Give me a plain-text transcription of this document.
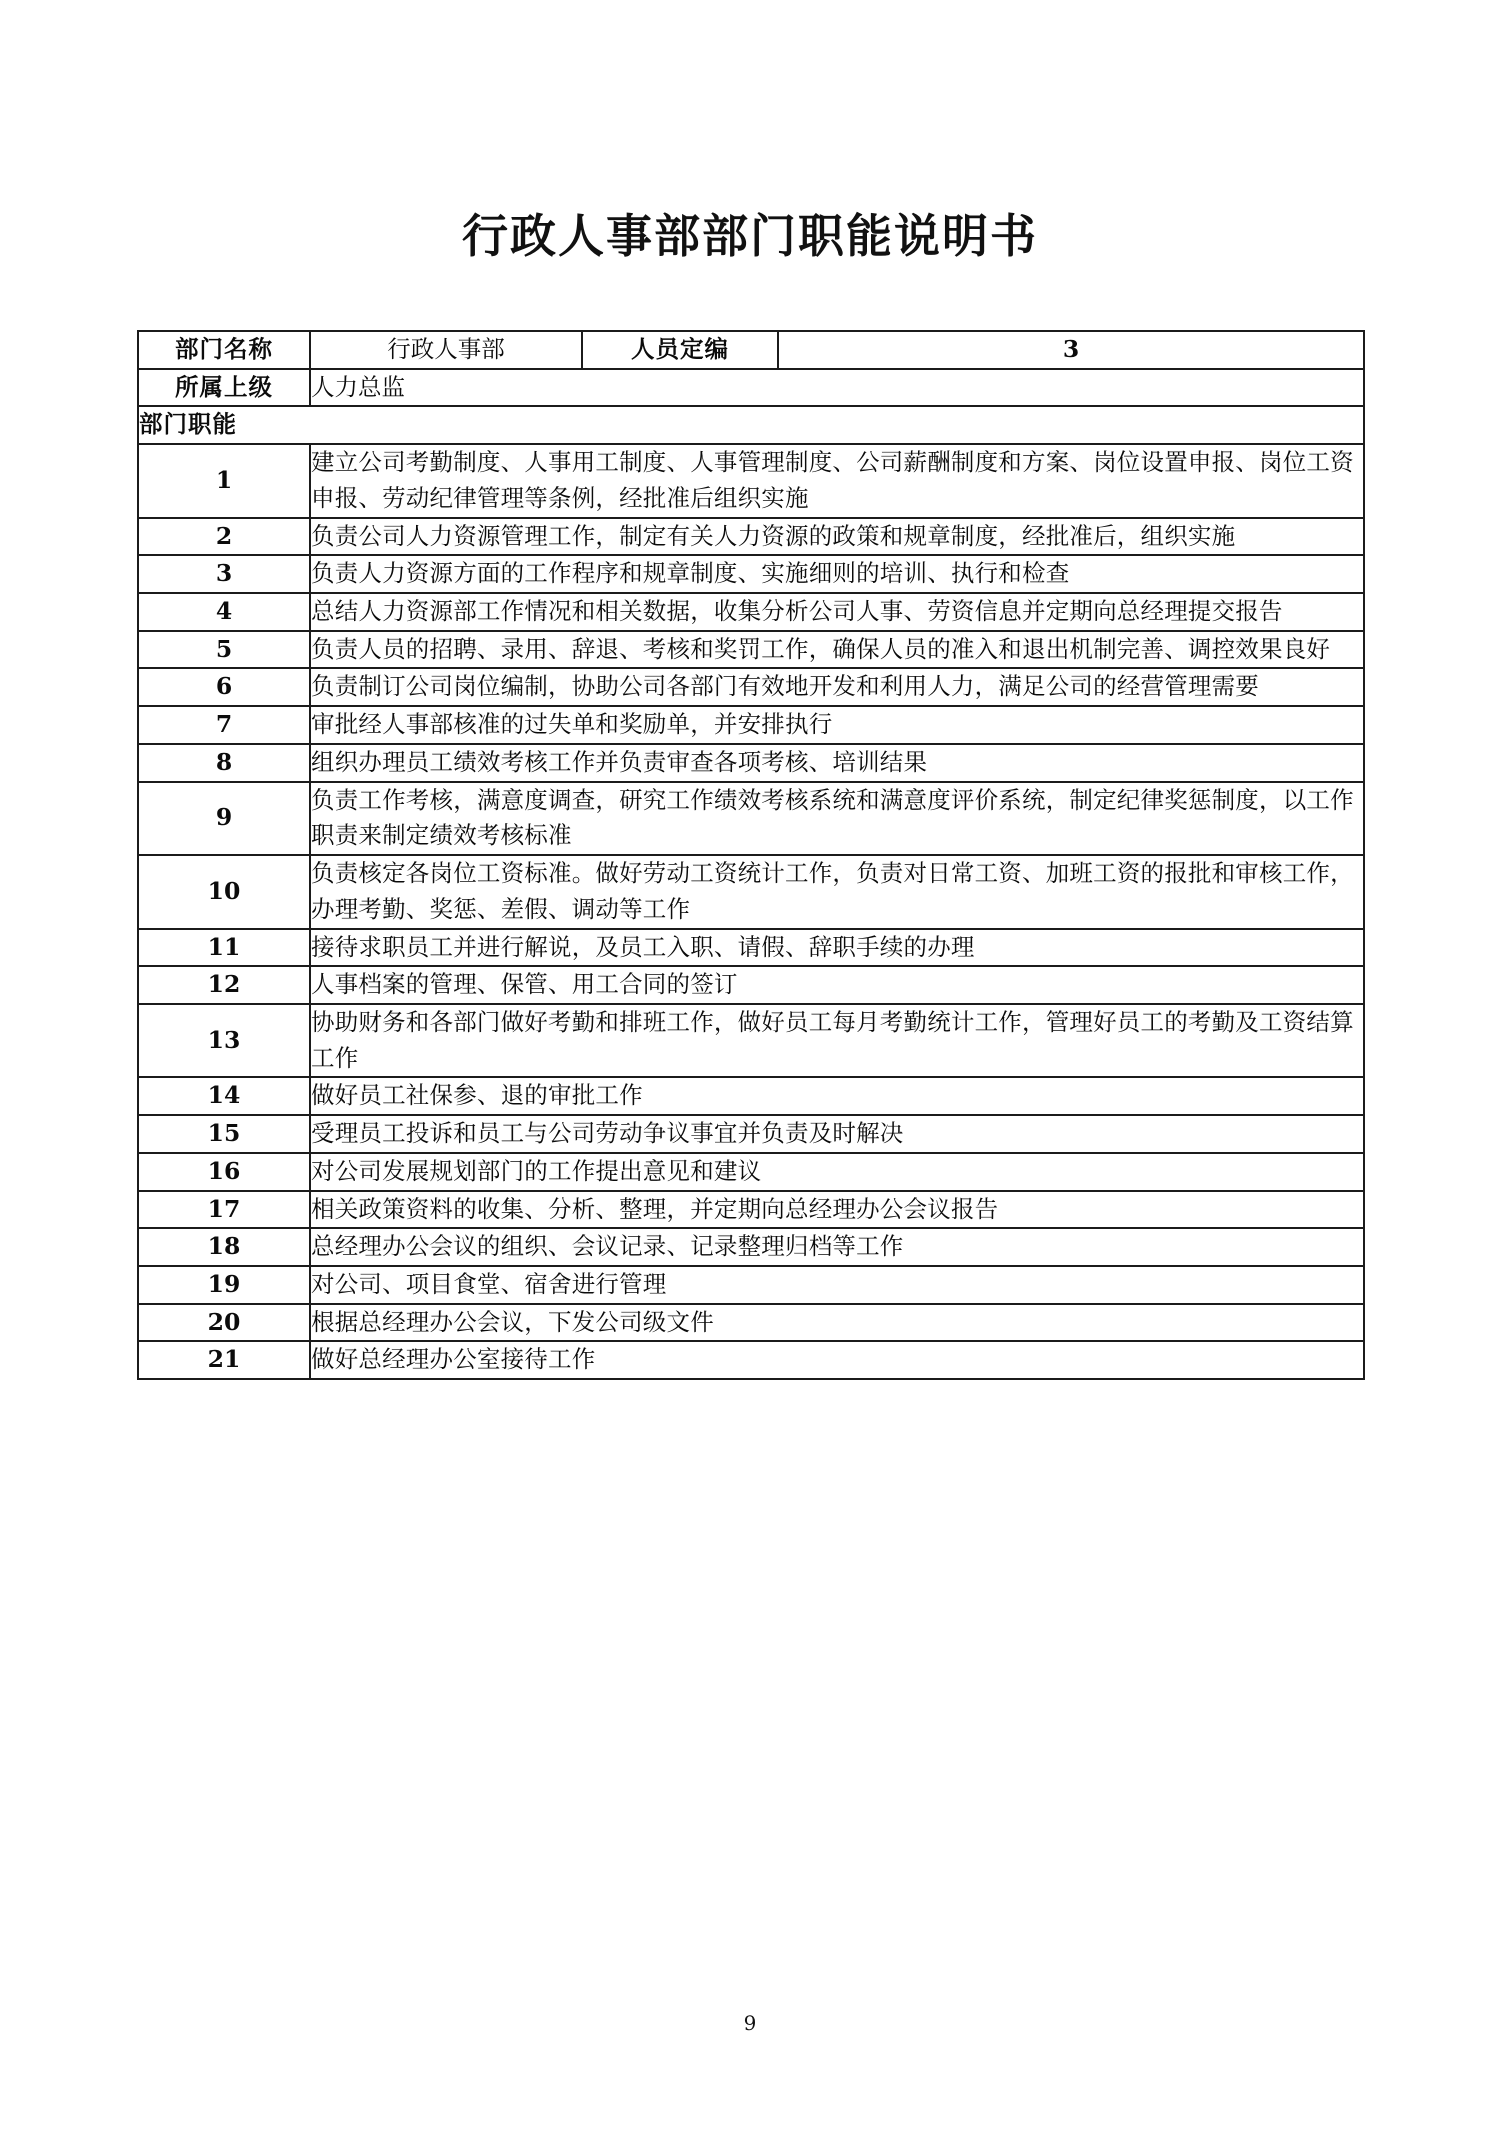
行政人事部部门职能说明书
部门名称	行政人事部	人员定编	3
所属上级	人力总监		
部门职能			
1	建立公司考勤制度、人事用工制度、人事管理制度、公司薪酬制度和方案、岗位设置申报、岗位工资申报、劳动纪律管理等条例，经批准后组织实施		
2	负责公司人力资源管理工作，制定有关人力资源的政策和规章制度，经批准后，组织实施		
3	负责人力资源方面的工作程序和规章制度、实施细则的培训、执行和检查		
4	总结人力资源部工作情况和相关数据，收集分析公司人事、劳资信息并定期向总经理提交报告		
5	负责人员的招聘、录用、辞退、考核和奖罚工作，确保人员的准入和退出机制完善、调控效果良好		
6	负责制订公司岗位编制，协助公司各部门有效地开发和利用人力，满足公司的经营管理需要		
7	审批经人事部核准的过失单和奖励单，并安排执行		
8	组织办理员工绩效考核工作并负责审查各项考核、培训结果		
9	负责工作考核，满意度调查，研究工作绩效考核系统和满意度评价系统，制定纪律奖惩制度，以工作职责来制定绩效考核标准		
10	负责核定各岗位工资标准。做好劳动工资统计工作，负责对日常工资、加班工资的报批和审核工作，办理考勤、奖惩、差假、调动等工作		
11	接待求职员工并进行解说，及员工入职、请假、辞职手续的办理		
12	人事档案的管理、保管、用工合同的签订		
13	协助财务和各部门做好考勤和排班工作，做好员工每月考勤统计工作，管理好员工的考勤及工资结算工作		
14	做好员工社保参、退的审批工作		
15	受理员工投诉和员工与公司劳动争议事宜并负责及时解决		
16	对公司发展规划部门的工作提出意见和建议		
17	相关政策资料的收集、分析、整理，并定期向总经理办公会议报告		
18	总经理办公会议的组织、会议记录、记录整理归档等工作		
19	对公司、项目食堂、宿舍进行管理		
20	根据总经理办公会议，下发公司级文件		
21	做好总经理办公室接待工作		
9
